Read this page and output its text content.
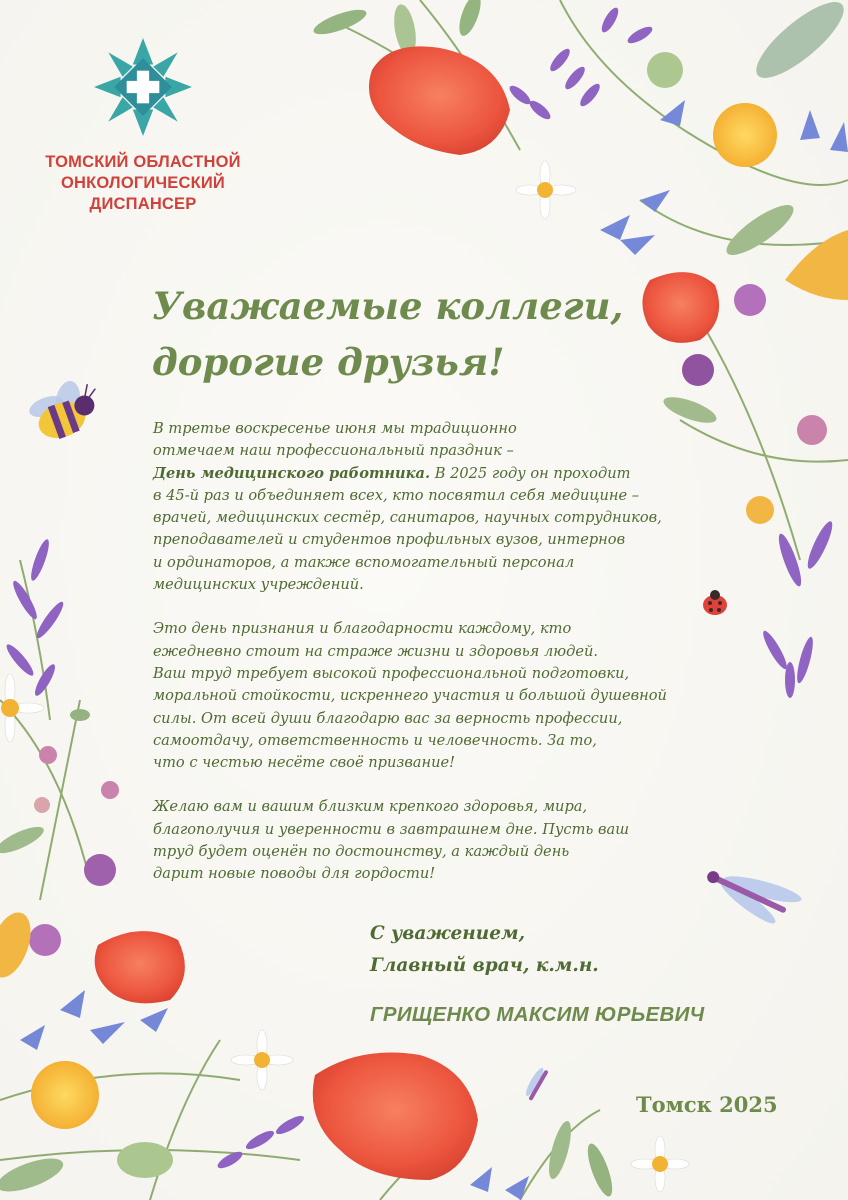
ТОМСКИЙ ОБЛАСТНОЙ
ОНКОЛОГИЧЕСКИЙ
ДИСПАНСЕР
Уважаемые коллеги,
дорогие друзья!

В третье воскресенье июня мы традиционно
отмечаем наш профессиональный праздник –
День медицинского работника. В 2025 году он проходит
в 45-й раз и объединяет всех, кто посвятил себя медицине –
врачей, медицинских сестёр, санитаров, научных сотрудников,
преподавателей и студентов профильных вузов, интернов
и ординаторов, а также вспомогательный персонал
медицинских учреждений.

Это день признания и благодарности каждому, кто
ежедневно стоит на страже жизни и здоровья людей.
Ваш труд требует высокой профессиональной подготовки,
моральной стойкости, искреннего участия и большой душевной
силы. От всей души благодарю вас за верность профессии,
самоотдачу, ответственность и человечность. За то,
что с честью несёте своё призвание!

Желаю вам и вашим близким крепкого здоровья, мира,
благополучия и уверенности в завтрашнем дне. Пусть ваш
труд будет оценён по достоинству, а каждый день
дарит новые поводы для гордости!

С уважением,
Главный врач, к.м.н.
ГРИЩЕНКО МАКСИМ ЮРЬЕВИЧ
Томск 2025
